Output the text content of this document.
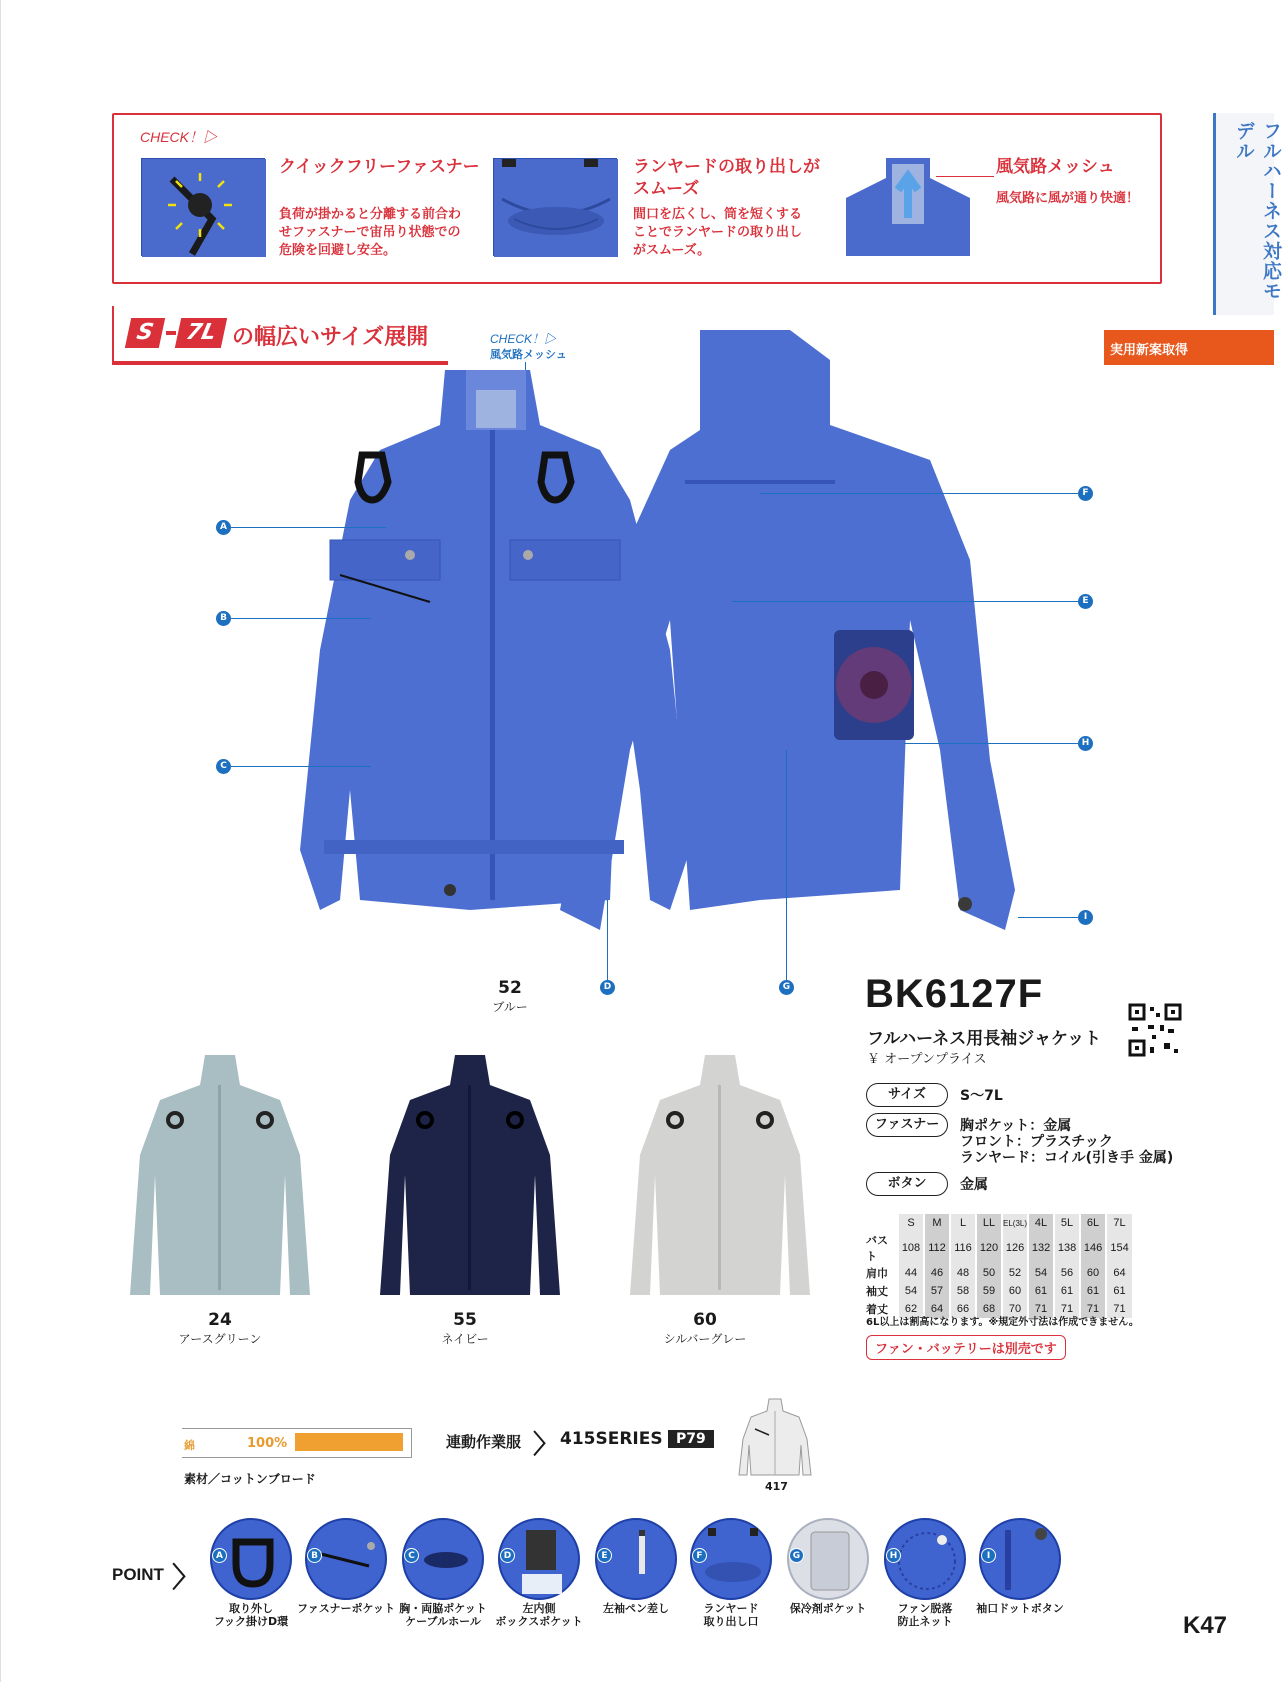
CHECK！▷
クイックフリーファスナー
負荷が掛かると分離する前合わ
せファスナーで宙吊り状態での
危険を回避し安全。
ランヤードの取り出しが
スムーズ
間口を広くし、筒を短くする
ことでランヤードの取り出し
がスムーズ。
風気路メッシュ
風気路に風が通り快適！	フルハーネス対応モデル
実用新案取得
S	7L の幅広いサイズ展開	CHECK！▷
風気路メッシュ
A
B
C
D
E
F
G
H
I
52
ブルー
24
アースグリーン
55
ネイビー
60
シルバーグレー
BK6127F
フルハーネス用長袖ジャケット
￥ オープンプライス
サイズ	S～7L
ファスナー	胸ポケット：金属
フロント：プラスチック
ランヤード：コイル(引き手 金属)
ボタン	金属
	S	M	L	LL	EL(3L)	4L	5L	6L	7L
バスト	108	112	116	120	126	132	138	146	154
肩巾	44	46	48	50	52	54	56	60	64
袖丈	54	57	58	59	60	61	61	61	61
着丈	62	64	66	68	70	71	71	71	71
6L以上は割高になります。※規定外寸法は作成できません。
ファン・バッテリーは別売です
綿	100%
素材／コットンブロード
連動作業服 〉 415SERIES P79
417
POINT 〉
A
取り外し
フック掛けD環
B
ファスナーポケット
C
胸・両脇ポケット
ケーブルホール
D
左内側
ボックスポケット
E
左袖ペン差し
F
ランヤード
取り出し口
G
保冷剤ポケット
H
ファン脱落
防止ネット
I
袖口ドットボタン
K47
